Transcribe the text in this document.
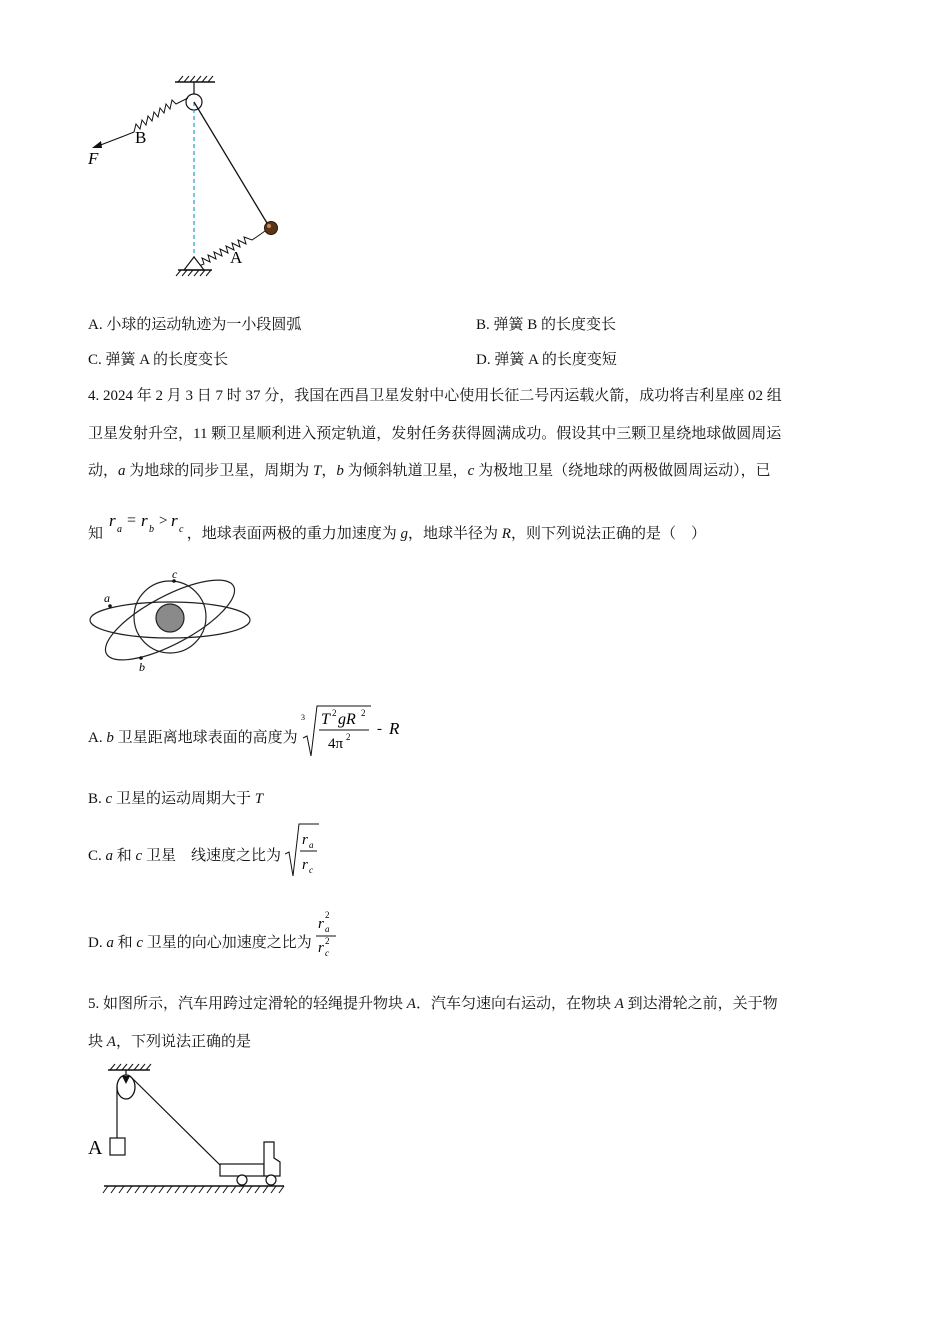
B
F
A
A. 小球的运动轨迹为一小段圆弧	B. 弹簧 B 的长度变长
C. 弹簧 A 的长度变长	D. 弹簧 A 的长度变短
4. 2024 年 2 月 3 日 7 时 37 分，我国在西昌卫星发射中心使用长征二号丙运载火箭，成功将吉利星座 02 组
卫星发射升空，11 颗卫星顺利进入预定轨道，发射任务获得圆满成功。假设其中三颗卫星绕地球做圆周运
动，a 为地球的同步卫星，周期为 T，b 为倾斜轨道卫星，c 为极地卫星（绕地球的两极做圆周运动），已
知
r a
= r b
> r c ，地球表面两极的重力加速度为 g，地球半径为 R，则下列说法正确的是（　）
a
c
b
A. b 卫星距离地球表面的高度为
3 T 2 gR 2
4π 2 - R
B. c 卫星的运动周期大于 T
C. a 和 c 卫星　线速度之比为
r a
r c
D. a 和 c 卫星的向心加速度之比为
r
2
a
r 2
c
5. 如图所示，汽车用跨过定滑轮的轻绳提升物块 A．汽车匀速向右运动，在物块 A 到达滑轮之前，关于物
块 A，下列说法正确的是
A
